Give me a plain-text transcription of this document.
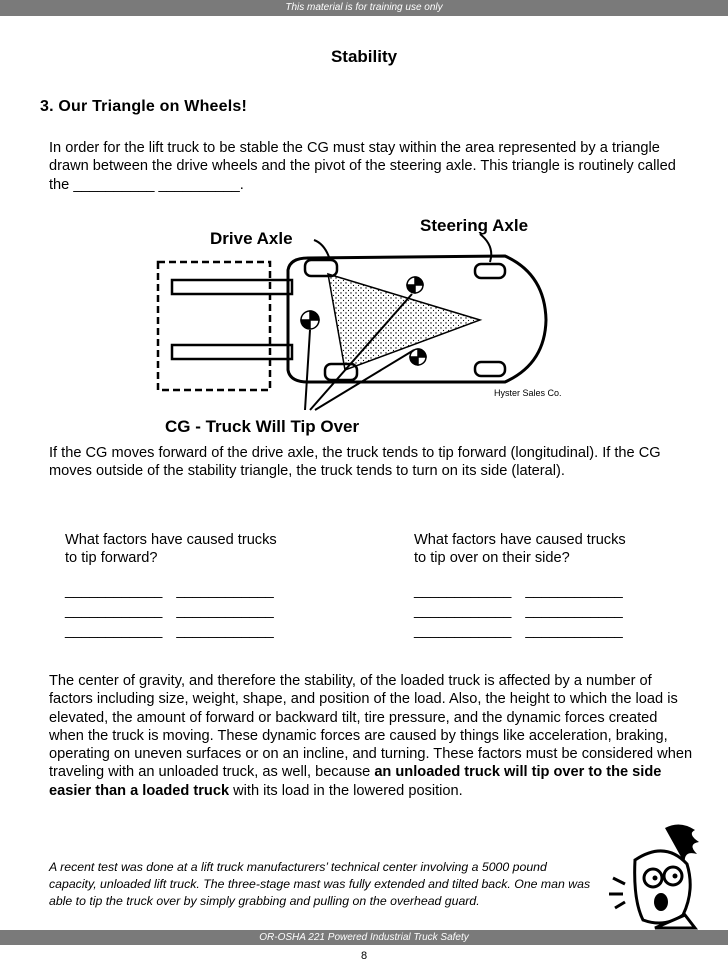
This material is for training use only
Stability
3. Our Triangle on Wheels!
In order for the lift truck to be stable the CG must stay within the area represented by a triangle drawn between the drive wheels and the pivot of the steering axle. This triangle is routinely called the __________ __________.
Drive Axle
Steering Axle
CG - Truck Will Tip Over
Hyster Sales Co.
If the CG moves forward of the drive axle, the truck tends to tip forward (longitudinal). If the CG moves outside of the stability triangle, the truck tends to turn on its side (lateral).
What factors have caused trucks
to tip forward?
____________ ____________
____________ ____________
____________ ____________
What factors have caused trucks
to tip over on their side?
____________ ____________
____________ ____________
____________ ____________
The center of gravity, and therefore the stability, of the loaded truck is affected by a number of factors including size, weight, shape, and position of the load. Also, the height to which the load is elevated, the amount of forward or backward tilt, tire pressure, and the dynamic forces created when the truck is moving. These dynamic forces are caused by things like acceleration, braking, operating on uneven surfaces or on an incline, and turning. These factors must be considered when traveling with an unloaded truck, as well, because an unloaded truck will tip over to the side easier than a loaded truck with its load in the lowered position.
A recent test was done at a lift truck manufacturers’ technical center involving a 5000 pound capacity, unloaded lift truck. The three-stage mast was fully extended and tilted back. One man was able to tip the truck over by simply grabbing and pulling on the overhead guard.
OR-OSHA 221 Powered Industrial Truck Safety
8
